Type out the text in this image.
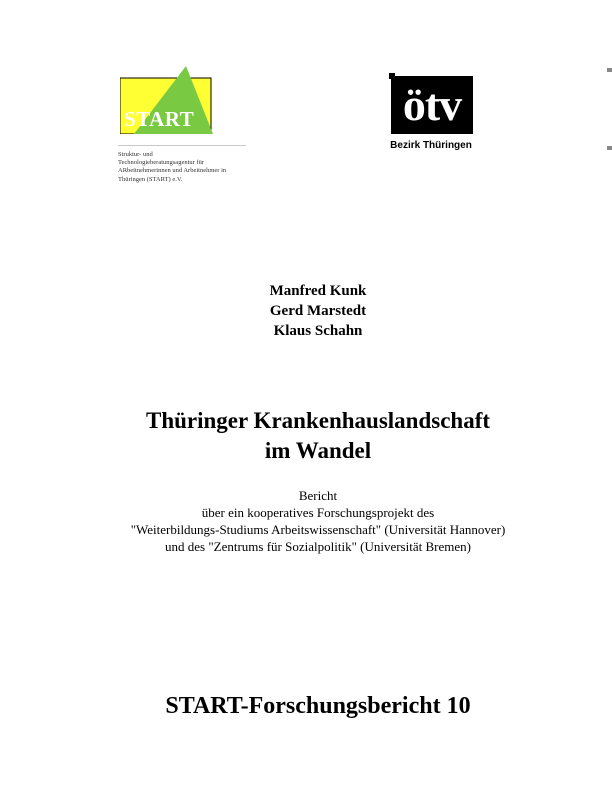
START
Struktur- und
Technologieberatungsagentur für
ARbeitnehmerinnen und Arbeitnehmer in
Thüringen (START) e.V.
ötv
Bezirk Thüringen
Manfred Kunk
Gerd Marstedt
Klaus Schahn
Thüringer Krankenhauslandschaft
im Wandel
Bericht
über ein kooperatives Forschungsprojekt des
"Weiterbildungs-Studiums Arbeitswissenschaft" (Universität Hannover)
und des "Zentrums für Sozialpolitik" (Universität Bremen)
START-Forschungsbericht 10
